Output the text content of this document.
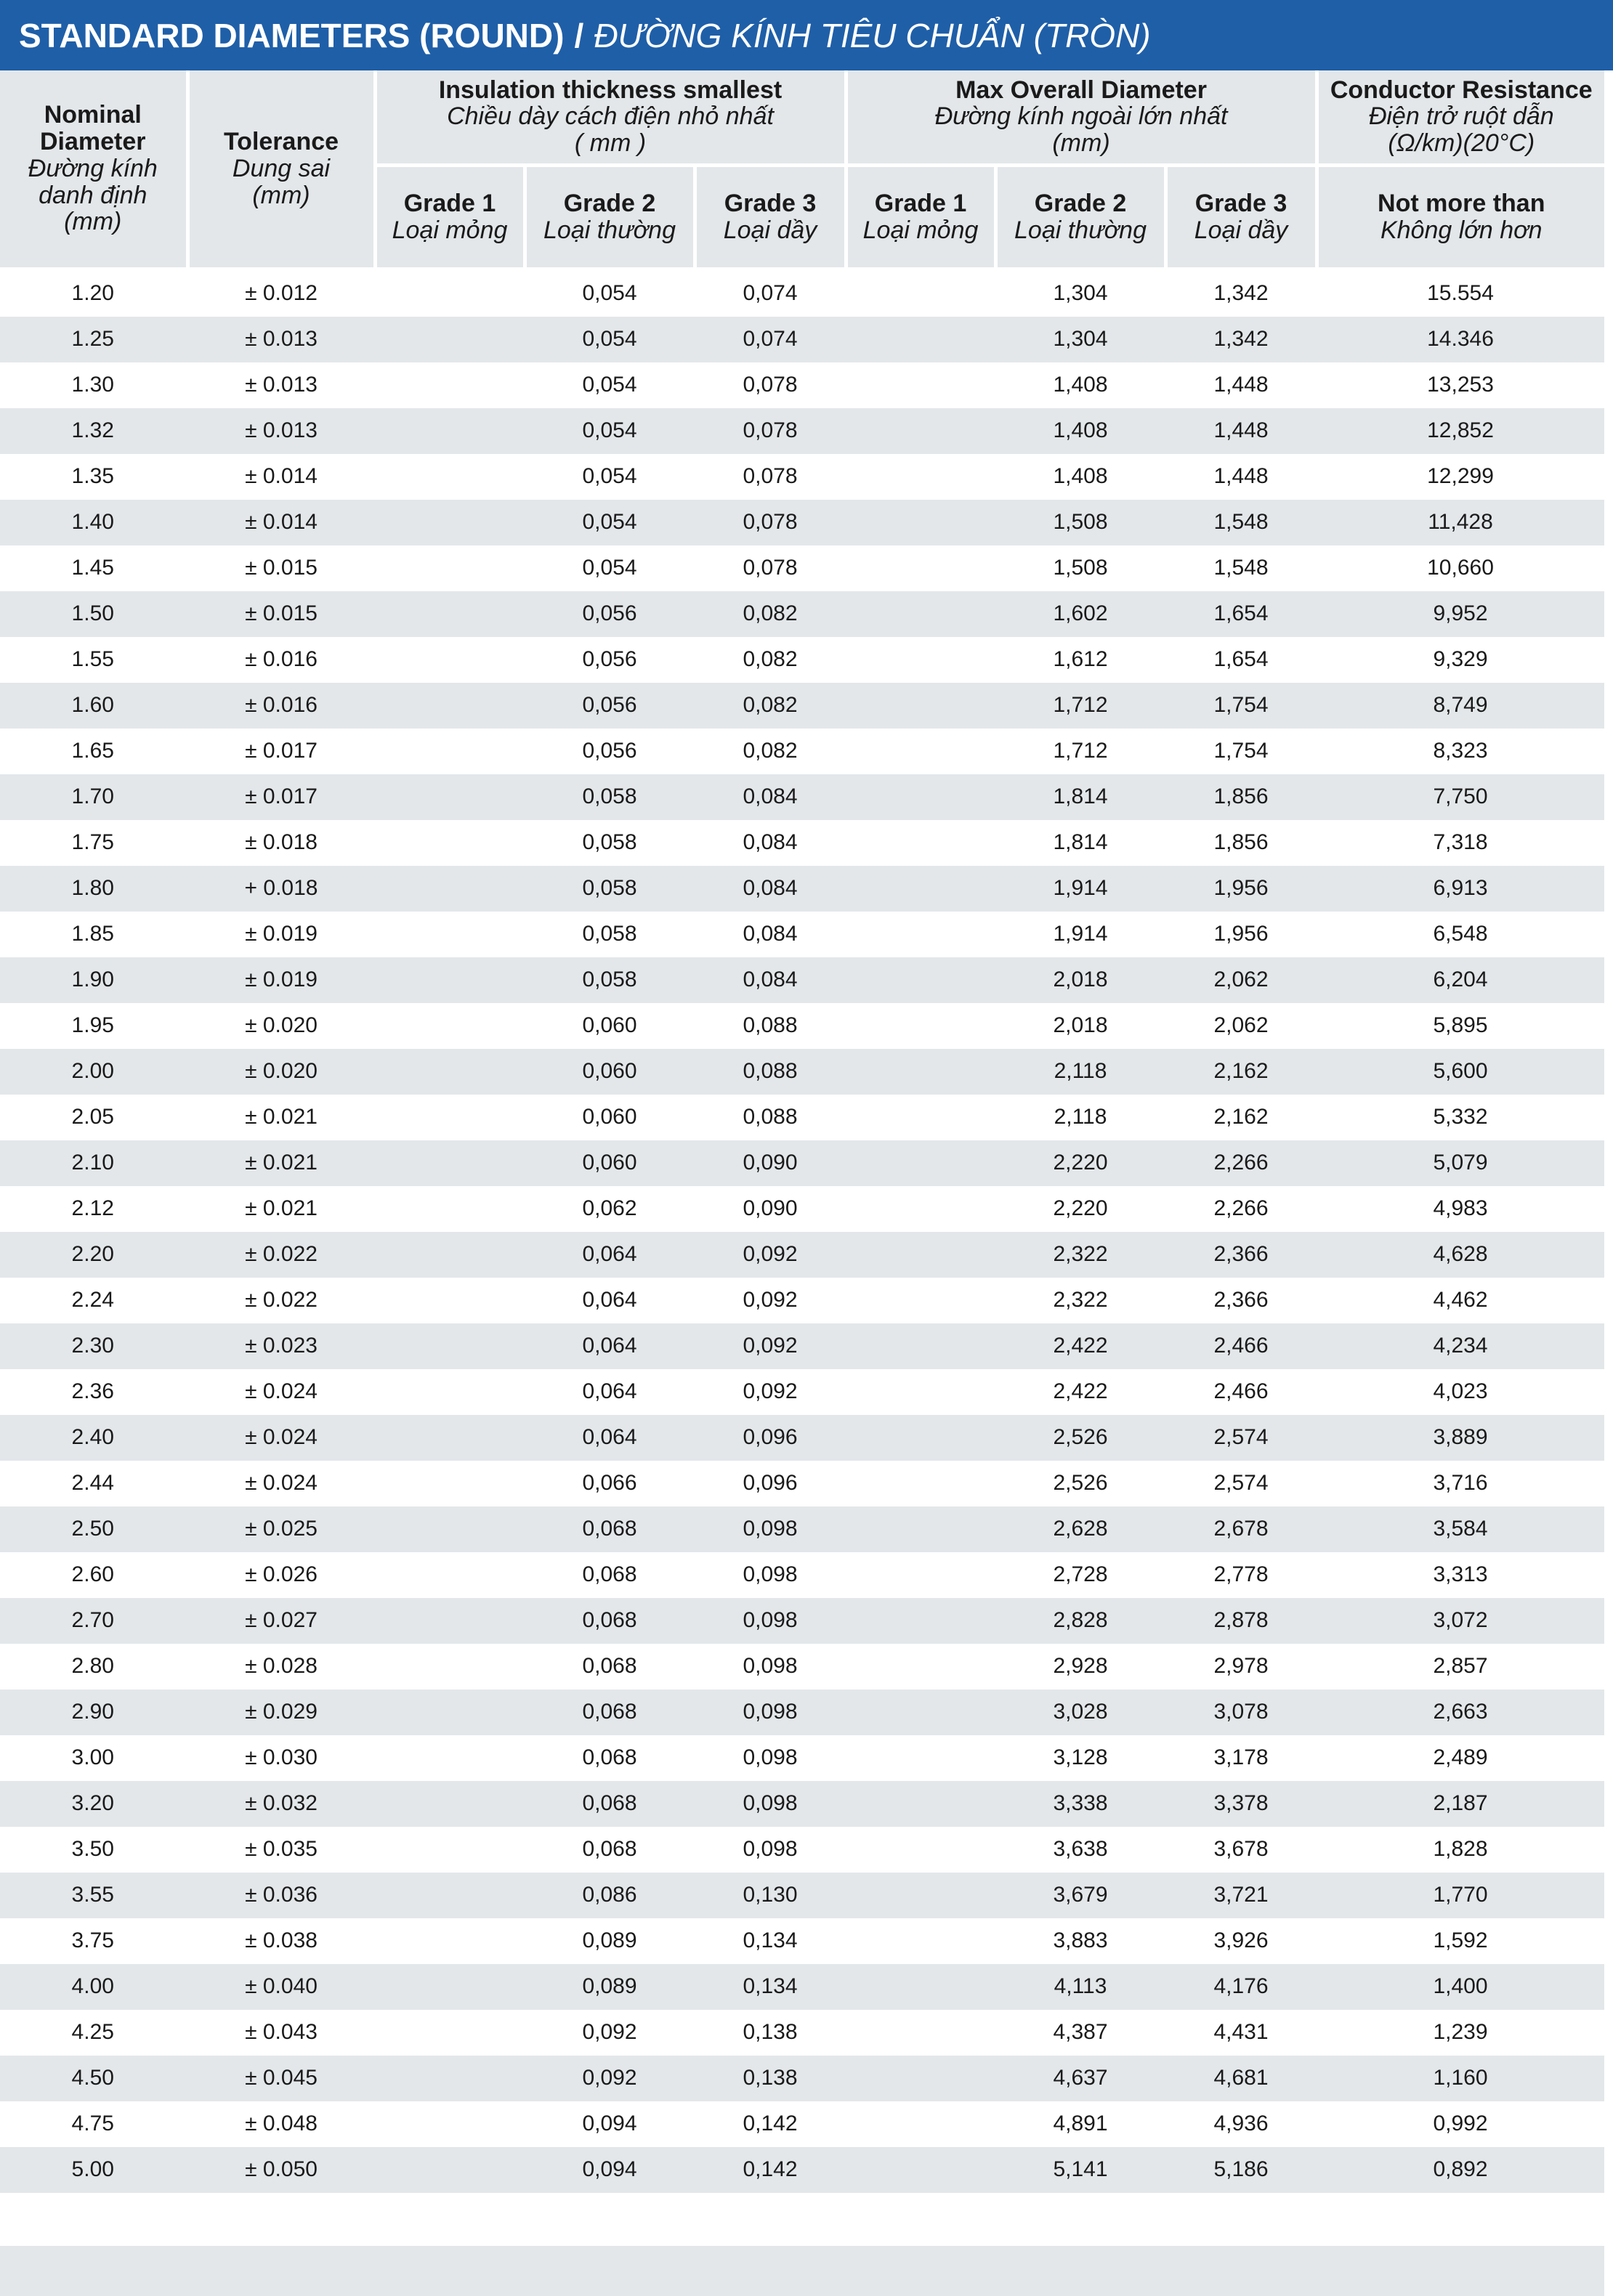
STANDARD DIAMETERS (ROUND) / ĐƯỜNG KÍNH TIÊU CHUẨN (TRÒN)
Nominal
Diameter
Đường kính
danh định
(mm)	Tolerance
Dung sai
(mm)	Insulation thickness smallest
Chiều dày cách điện nhỏ nhất
( mm )			Max Overall Diameter
Đường kính ngoài lớn nhất
(mm)			Conductor Resistance
Điện trở ruột dẫn
(Ω/km)(20°C)

		Grade 1
Loại mỏng	Grade 2
Loại thường	Grade 3
Loại dầy	Grade 1
Loại mỏng	Grade 2
Loại thường	Grade 3
Loại dầy	Not more than
Không lớn hơn

1.20	± 0.012		0,054	0,074		1,304	1,342	15.554
1.25	± 0.013		0,054	0,074		1,304	1,342	14.346
1.30	± 0.013		0,054	0,078		1,408	1,448	13,253
1.32	± 0.013		0,054	0,078		1,408	1,448	12,852
1.35	± 0.014		0,054	0,078		1,408	1,448	12,299
1.40	± 0.014		0,054	0,078		1,508	1,548	11,428
1.45	± 0.015		0,054	0,078		1,508	1,548	10,660
1.50	± 0.015		0,056	0,082		1,602	1,654	9,952
1.55	± 0.016		0,056	0,082		1,612	1,654	9,329
1.60	± 0.016		0,056	0,082		1,712	1,754	8,749
1.65	± 0.017		0,056	0,082		1,712	1,754	8,323
1.70	± 0.017		0,058	0,084		1,814	1,856	7,750
1.75	± 0.018		0,058	0,084		1,814	1,856	7,318
1.80	+ 0.018		0,058	0,084		1,914	1,956	6,913
1.85	± 0.019		0,058	0,084		1,914	1,956	6,548
1.90	± 0.019		0,058	0,084		2,018	2,062	6,204
1.95	± 0.020		0,060	0,088		2,018	2,062	5,895
2.00	± 0.020		0,060	0,088		2,118	2,162	5,600
2.05	± 0.021		0,060	0,088		2,118	2,162	5,332
2.10	± 0.021		0,060	0,090		2,220	2,266	5,079
2.12	± 0.021		0,062	0,090		2,220	2,266	4,983
2.20	± 0.022		0,064	0,092		2,322	2,366	4,628
2.24	± 0.022		0,064	0,092		2,322	2,366	4,462
2.30	± 0.023		0,064	0,092		2,422	2,466	4,234
2.36	± 0.024		0,064	0,092		2,422	2,466	4,023
2.40	± 0.024		0,064	0,096		2,526	2,574	3,889
2.44	± 0.024		0,066	0,096		2,526	2,574	3,716
2.50	± 0.025		0,068	0,098		2,628	2,678	3,584
2.60	± 0.026		0,068	0,098		2,728	2,778	3,313
2.70	± 0.027		0,068	0,098		2,828	2,878	3,072
2.80	± 0.028		0,068	0,098		2,928	2,978	2,857
2.90	± 0.029		0,068	0,098		3,028	3,078	2,663
3.00	± 0.030		0,068	0,098		3,128	3,178	2,489
3.20	± 0.032		0,068	0,098		3,338	3,378	2,187
3.50	± 0.035		0,068	0,098		3,638	3,678	1,828
3.55	± 0.036		0,086	0,130		3,679	3,721	1,770
3.75	± 0.038		0,089	0,134		3,883	3,926	1,592
4.00	± 0.040		0,089	0,134		4,113	4,176	1,400
4.25	± 0.043		0,092	0,138		4,387	4,431	1,239
4.50	± 0.045		0,092	0,138		4,637	4,681	1,160
4.75	± 0.048		0,094	0,142		4,891	4,936	0,992
5.00	± 0.050		0,094	0,142		5,141	5,186	0,892
